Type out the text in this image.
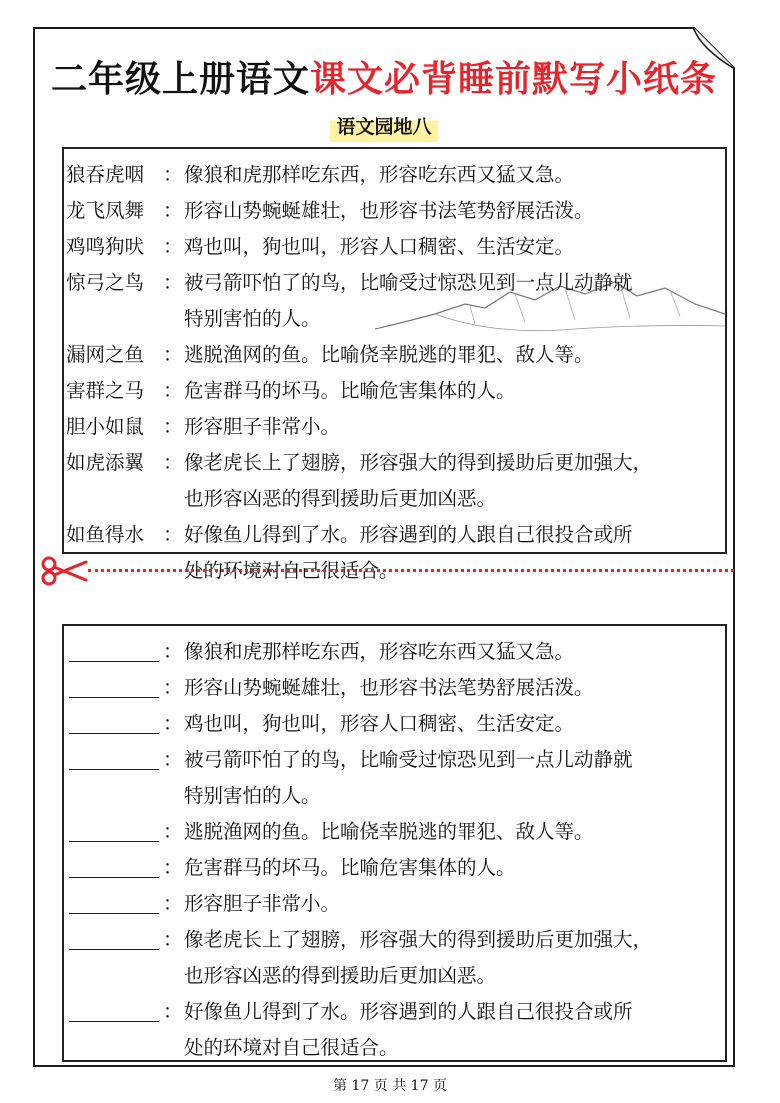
二年级上册语文课文必背睡前默写小纸条
语文园地八
狼吞虎咽 ： 像狼和虎那样吃东西，形容吃东西又猛又急。
龙飞凤舞 ： 形容山势蜿蜒雄壮，也形容书法笔势舒展活泼。
鸡鸣狗吠 ： 鸡也叫，狗也叫，形容人口稠密、生活安定。
惊弓之鸟 ： 被弓箭吓怕了的鸟，比喻受过惊恐见到一点儿动静就
特别害怕的人。
漏网之鱼 ： 逃脱渔网的鱼。比喻侥幸脱逃的罪犯、敌人等。
害群之马 ： 危害群马的坏马。比喻危害集体的人。
胆小如鼠 ： 形容胆子非常小。
如虎添翼 ： 像老虎长上了翅膀，形容强大的得到援助后更加强大，
也形容凶恶的得到援助后更加凶恶。
如鱼得水 ： 好像鱼儿得到了水。形容遇到的人跟自己很投合或所
处的环境对自己很适合。
： 像狼和虎那样吃东西，形容吃东西又猛又急。
： 形容山势蜿蜒雄壮，也形容书法笔势舒展活泼。
： 鸡也叫，狗也叫，形容人口稠密、生活安定。
： 被弓箭吓怕了的鸟，比喻受过惊恐见到一点儿动静就
特别害怕的人。
： 逃脱渔网的鱼。比喻侥幸脱逃的罪犯、敌人等。
： 危害群马的坏马。比喻危害集体的人。
： 形容胆子非常小。
： 像老虎长上了翅膀，形容强大的得到援助后更加强大，
也形容凶恶的得到援助后更加凶恶。
： 好像鱼儿得到了水。形容遇到的人跟自己很投合或所
处的环境对自己很适合。
第 17 页 共 17 页
